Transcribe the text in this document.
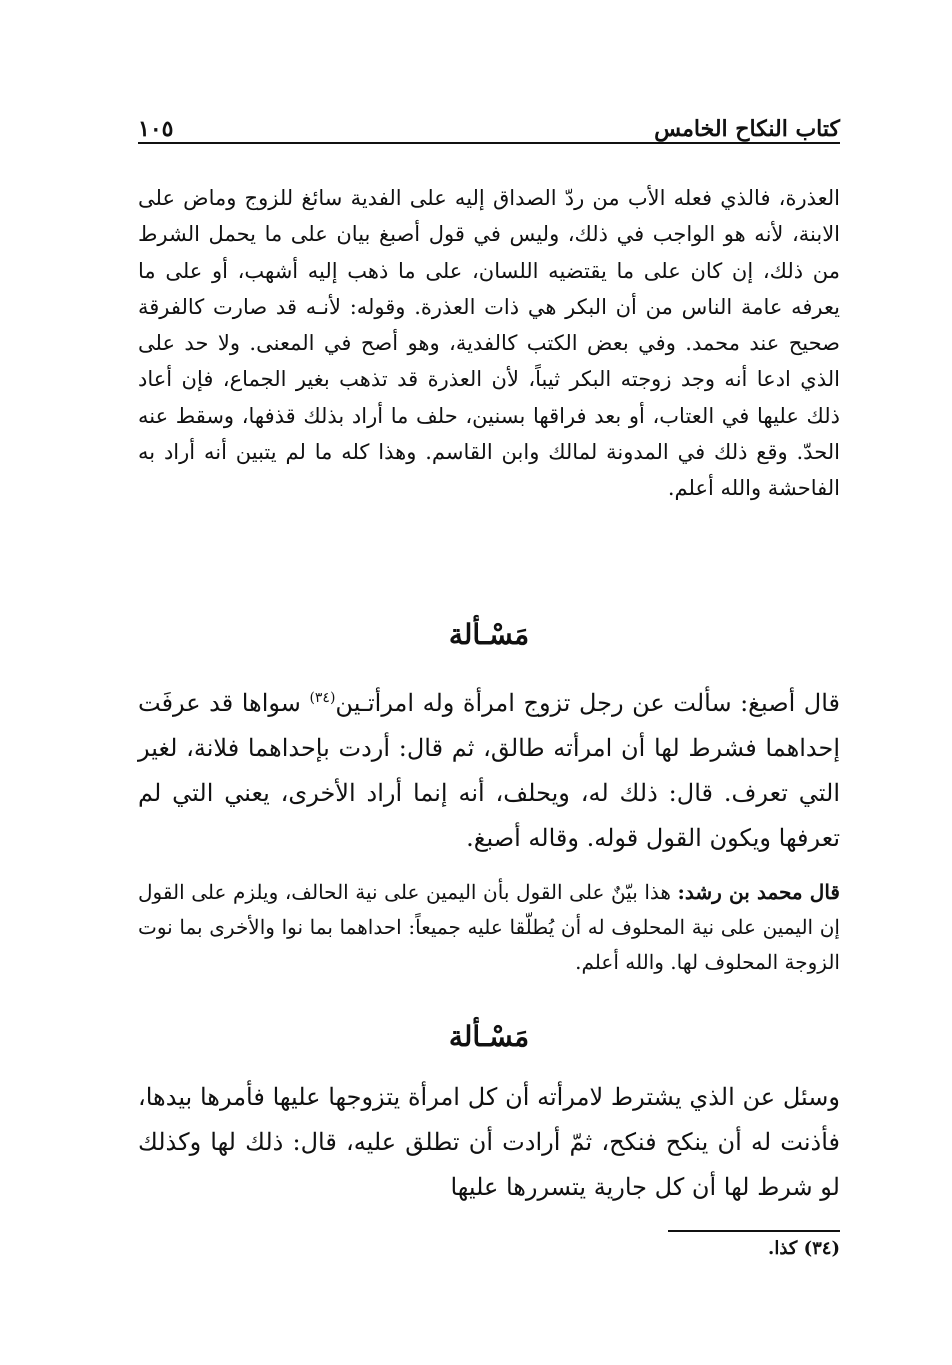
كتاب النكاح الخامس
١٠٥
العذرة، فالذي فعله الأب من ردّ الصداق إليه على الفدية سائغ للزوج وماض على الابنة، لأنه هو الواجب في ذلك، وليس في قول أصبغ بيان على ما يحمل الشرط من ذلك، إن كان على ما يقتضيه اللسان، على ما ذهب إليه أشهب، أو على ما يعرفه عامة الناس من أن البكر هي ذات العذرة. وقوله: لأنـه قد صارت كالفرقة صحيح عند محمد. وفي بعض الكتب كالفدية، وهو أصح في المعنى. ولا حد على الذي ادعا أنه وجد زوجته البكر ثيباً، لأن العذرة قد تذهب بغير الجماع، فإن أعاد ذلك عليها في العتاب، أو بعد فراقها بسنين، حلف ما أراد بذلك قذفها، وسقط عنه الحدّ. وقع ذلك في المدونة لمالك وابن القاسم. وهذا كله ما لم يتبين أنه أراد به الفاحشة والله أعلم.
مَسْـألة
قال أصبغ: سألت عن رجل تزوج امرأة وله امرأتـين$^{(٣٤)}$ سواها قد عرفَت إحداهما فشرط لها أن امرأته طالق، ثم قال: أردت بإحداهما فلانة، لغير التي تعرف. قال: ذلك له، ويحلف، أنه إنما أراد الأخرى، يعني التي لم تعرفها ويكون القول قوله. وقاله أصبغ.
قال محمد بن رشد: هذا بيّنٌ على القول بأن اليمين على نية الحالف، ويلزم على القول إن اليمين على نية المحلوف له أن يُطلّقا عليه جميعاً: احداهما بما نوا والأخرى بما نوت الزوجة المحلوف لها. والله أعلم.
مَسْـألة
وسئل عن الذي يشترط لامرأته أن كل امرأة يتزوجها عليها فأمرها بيدها، فأذنت له أن ينكح فنكح، ثمّ أرادت أن تطلق عليه، قال: ذلك لها وكذلك لو شرط لها أن كل جارية يتسررها عليها
(٣٤) كذا.
